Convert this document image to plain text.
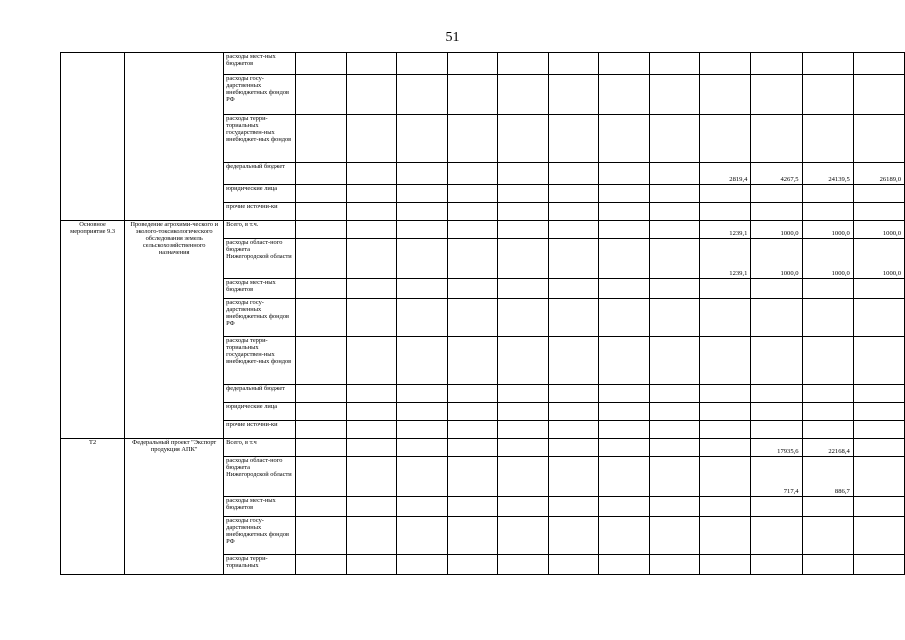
51
		расходы мест-ных бюджетов												
		расходы госу-дарственных внебюджетных фондов РФ												
		расходы терри-ториальных государствен-ных внебюджет-ных фондов												
		федеральный бюджет									2819,4	4267,5	24139,5	26189,0
		юридические лица												
		прочие источни-ки												
Основное мероприятие 9.3	Проведение агрохими-ческого и эколого-токсикологического обследования земель сельскохозяйственного назначения	Всего, в т.ч.									1239,1	1000,0	1000,0	1000,0
		расходы област-ного бюджета Нижегородской области									1239,1	1000,0	1000,0	1000,0
		расходы мест-ных бюджетов												
		расходы госу-дарственных внебюджетных фондов РФ												
		расходы терри-ториальных государствен-ных внебюджет-ных фондов												
		федеральный бюджет												
		юридические лица												
		прочие источни-ки												
Т2	Федеральный проект "Экспорт продукция АПК"	Всего, в т.ч										17935,6	22168,4	
		расходы област-ного бюджета Нижегородской области										717,4	886,7	
		расходы мест-ных бюджетов												
		расходы госу-дарственных внебюджетных фондов РФ												
		расходы терри-ториальных												
